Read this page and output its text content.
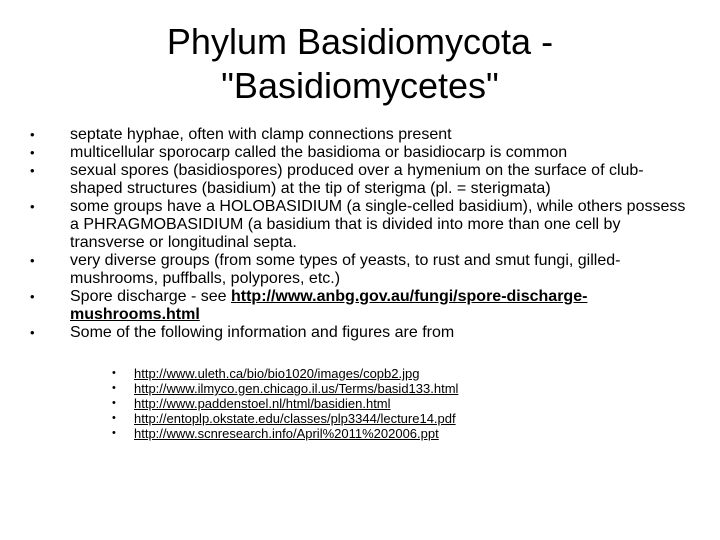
Phylum Basidiomycota -
"Basidiomycetes"
•	septate hyphae, often with clamp connections present
•	multicellular sporocarp called the basidioma or basidiocarp is common
•	sexual spores (basidiospores) produced over a hymenium on the surface of club-shaped structures (basidium) at the tip of sterigma (pl. = sterigmata)
•	some groups have a HOLOBASIDIUM (a single-celled basidium), while others possess a PHRAGMOBASIDIUM (a basidium that is divided into more than one cell by transverse or longitudinal septa.
•	very diverse groups (from some types of yeasts, to rust and smut fungi, gilled-mushrooms, puffballs, polypores, etc.)
•	Spore discharge - see http://www.anbg.gov.au/fungi/spore-discharge-mushrooms.html
•	Some of the following information and figures are from
•	http://www.uleth.ca/bio/bio1020/images/copb2.jpg
•	http://www.ilmyco.gen.chicago.il.us/Terms/basid133.html
•	http://www.paddenstoel.nl/html/basidien.html
•	http://entoplp.okstate.edu/classes/plp3344/lecture14.pdf
•	http://www.scnresearch.info/April%2011%202006.ppt
